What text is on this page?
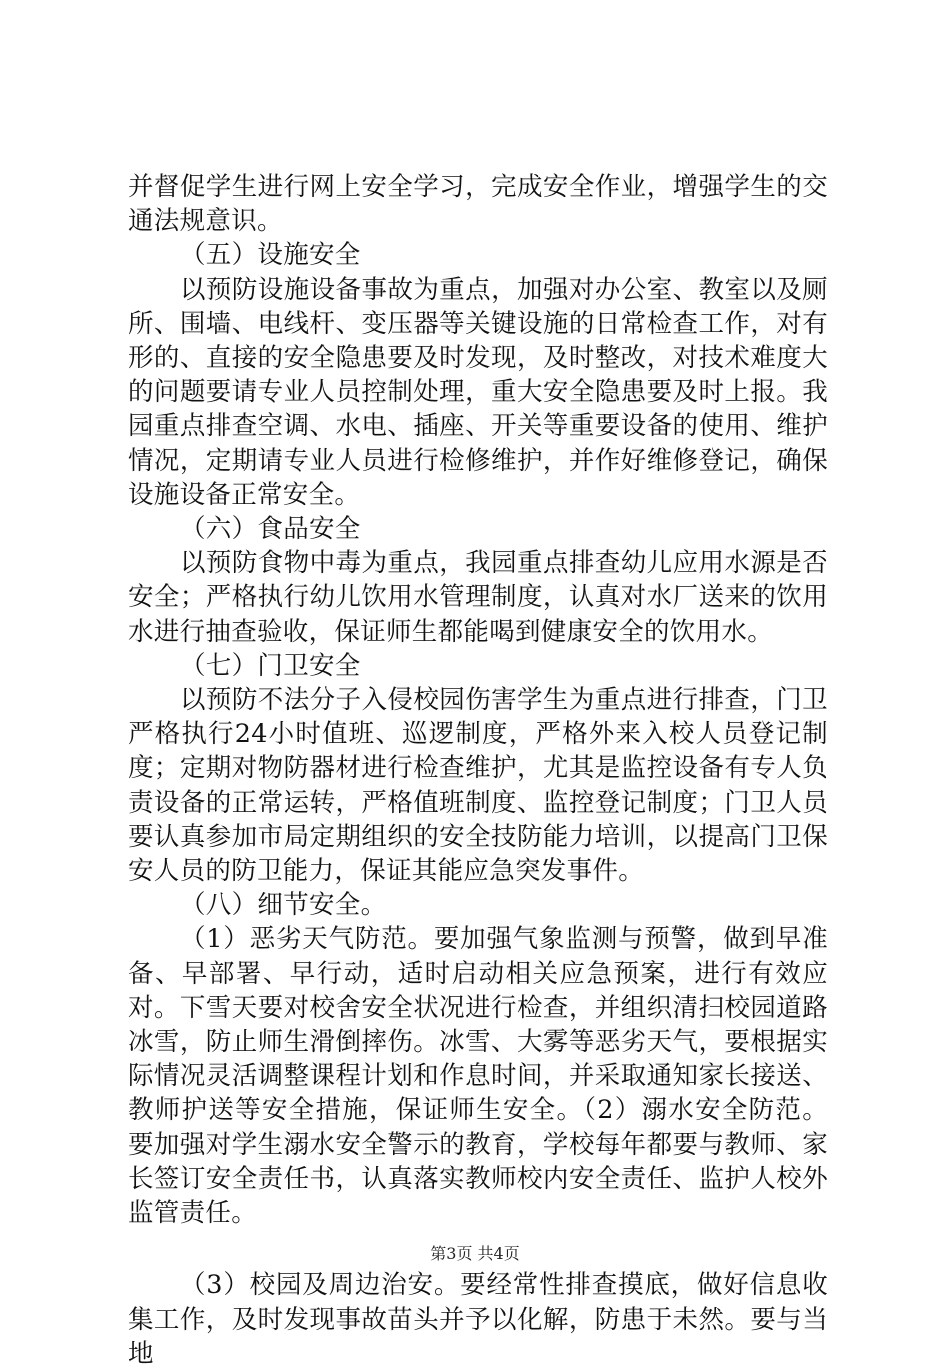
并督促学生进行网上安全学习，完成安全作业，增强学生的交通法规意识。

（五）设施安全

以预防设施设备事故为重点，加强对办公室、教室以及厕所、围墙、电线杆、变压器等关键设施的日常检查工作，对有形的、直接的安全隐患要及时发现，及时整改，对技术难度大的问题要请专业人员控制处理，重大安全隐患要及时上报。我园重点排查空调、水电、插座、开关等重要设备的使用、维护情况，定期请专业人员进行检修维护，并作好维修登记，确保设施设备正常安全。

（六）食品安全

以预防食物中毒为重点，我园重点排查幼儿应用水源是否安全；严格执行幼儿饮用水管理制度，认真对水厂送来的饮用水进行抽查验收，保证师生都能喝到健康安全的饮用水。

（七）门卫安全

以预防不法分子入侵校园伤害学生为重点进行排查，门卫严格执行24小时值班、巡逻制度，严格外来入校人员登记制度；定期对物防器材进行检查维护，尤其是监控设备有专人负责设备的正常运转，严格值班制度、监控登记制度；门卫人员要认真参加市局定期组织的安全技防能力培训，以提高门卫保安人员的防卫能力，保证其能应急突发事件。

（八）细节安全。

（1）恶劣天气防范。要加强气象监测与预警，做到早准备、早部署、早行动，适时启动相关应急预案，进行有效应对。下雪天要对校舍安全状况进行检查，并组织清扫校园道路冰雪，防止师生滑倒摔伤。冰雪、大雾等恶劣天气，要根据实际情况灵活调整课程计划和作息时间，并采取通知家长接送、教师护送等安全措施，保证师生安全。（2）溺水安全防范。要加强对学生溺水安全警示的教育，学校每年都要与教师、家长签订安全责任书，认真落实教师校内安全责任、监护人校外监管责任。

（3）校园及周边治安。要经常性排查摸底，做好信息收集工作，及时发现事故苗头并予以化解，防患于未然。要与当地

第3页 共4页
